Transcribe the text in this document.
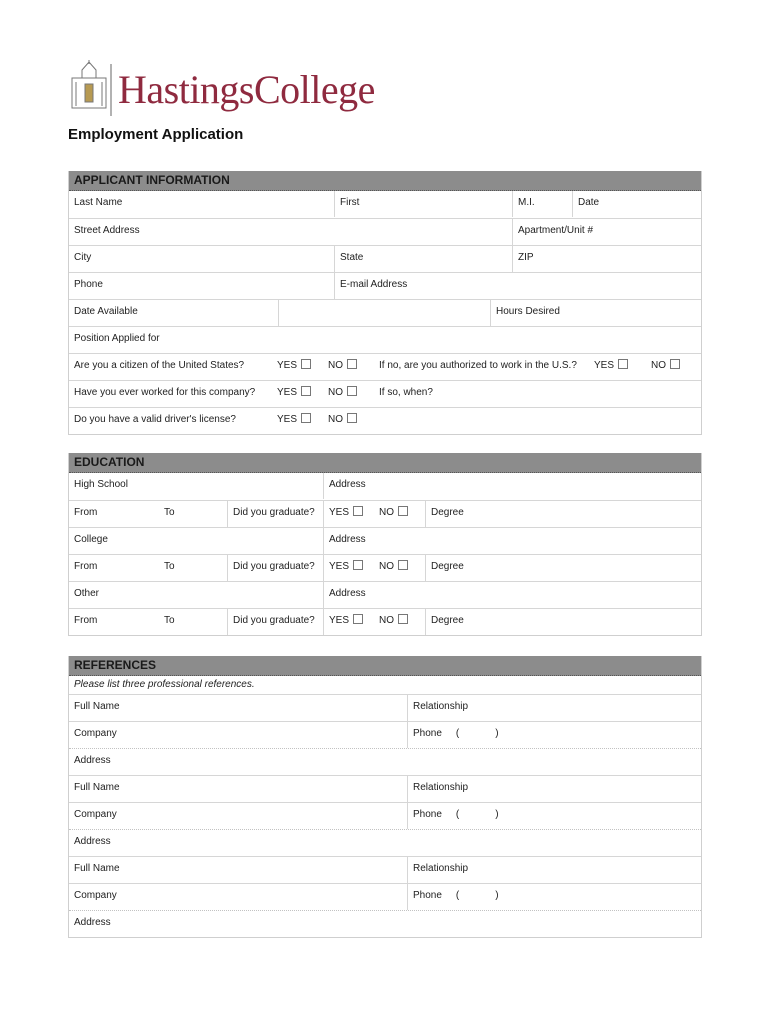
HastingsCollege
Employment Application
APPLICANT INFORMATION
Last Name	First	M.I.	Date
Street Address	Apartment/Unit #
City	State	ZIP
Phone	E-mail Address
Date Available	Hours Desired
Position Applied for
Are you a citizen of the United States?	YES	NO	If no, are you authorized to work in the U.S.?	YES	NO
Have you ever worked for this company?	YES	NO	If so, when?
Do you have a valid driver's license?	YES	NO
EDUCATION
High School	Address
From	To	Did you graduate?	YES	NO	Degree
College	Address
From	To	Did you graduate?	YES	NO	Degree
Other	Address
From	To	Did you graduate?	YES	NO	Degree
REFERENCES
Please list three professional references.
Full Name	Relationship
Company	Phone (	)
Address
Full Name	Relationship
Company	Phone (	)
Address
Full Name	Relationship
Company	Phone (	)
Address
